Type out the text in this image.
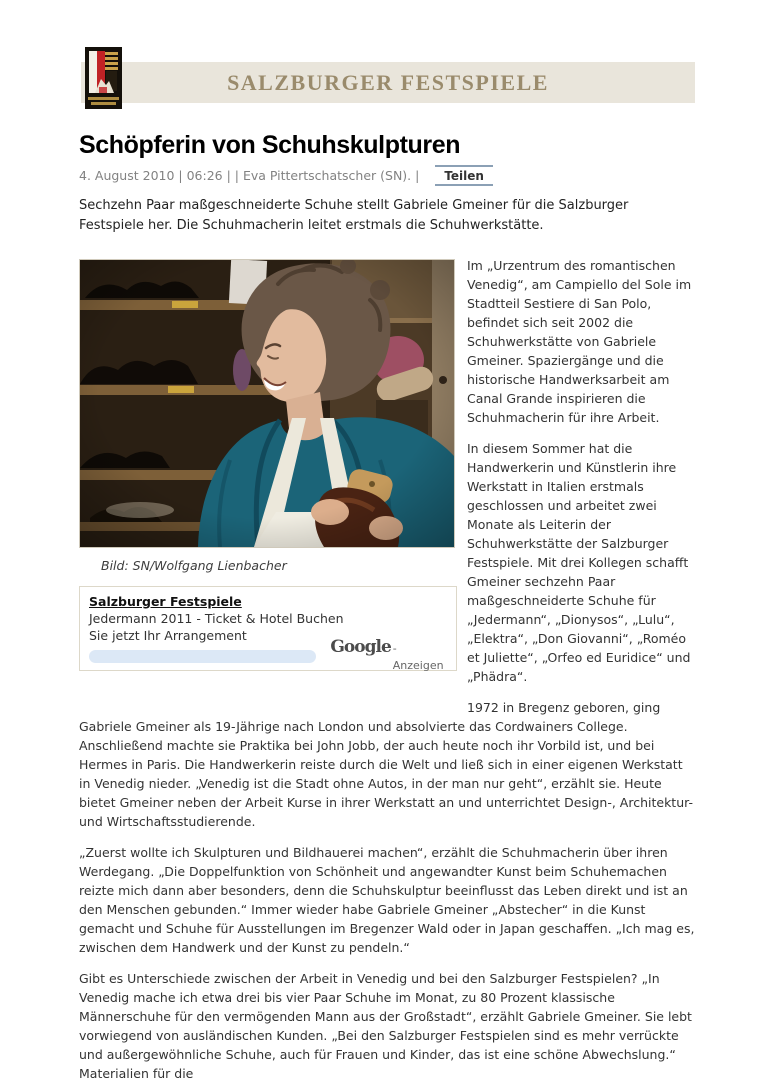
SALZBURGER FESTSPIELE
Schöpferin von Schuhskulpturen
4. August 2010 | 06:26 | | Eva Pittertschatscher (SN). |	Teilen

Sechzehn Paar maßgeschneiderte Schuhe stellt Gabriele Gmeiner für die Salzburger Festspiele her. Die Schuhmacherin leitet erstmals die Schuhwerkstätte.

Bild: SN/Wolfgang Lienbacher
Salzburger Festspiele
Jedermann 2011 - Ticket & Hotel Buchen
Sie jetzt Ihr Arrangement
Google -Anzeigen

Im „Urzentrum des romantischen Venedig“, am Campiello del Sole im Stadtteil Sestiere di San Polo, befindet sich seit 2002 die Schuhwerkstätte von Gabriele Gmeiner. Spaziergänge und die historische Handwerksarbeit am Canal Grande inspirieren die Schuhmacherin für ihre Arbeit.

In diesem Sommer hat die Handwerkerin und Künstlerin ihre Werkstatt in Italien erstmals geschlossen und arbeitet zwei Monate als Leiterin der Schuhwerkstätte der Salzburger Festspiele. Mit drei Kollegen schafft Gmeiner sechzehn Paar maßgeschneiderte Schuhe für „Jedermann“, „Dionysos“, „Lulu“, „Elektra“, „Don Giovanni“, „Roméo et Juliette“, „Orfeo ed Euridice“ und „Phädra“.

1972 in Bregenz geboren, ging Gabriele Gmeiner als 19-Jährige nach London und absolvierte das Cordwainers College. Anschließend machte sie Praktika bei John Jobb, der auch heute noch ihr Vorbild ist, und bei Hermes in Paris. Die Handwerkerin reiste durch die Welt und ließ sich in einer eigenen Werkstatt in Venedig nieder. „Venedig ist die Stadt ohne Autos, in der man nur geht“, erzählt sie. Heute bietet Gmeiner neben der Arbeit Kurse in ihrer Werkstatt an und unterrichtet Design-, Architektur- und Wirtschaftsstudierende.

„Zuerst wollte ich Skulpturen und Bildhauerei machen“, erzählt die Schuhmacherin über ihren Werdegang. „Die Doppelfunktion von Schönheit und angewandter Kunst beim Schuhemachen reizte mich dann aber besonders, denn die Schuhskulptur beeinflusst das Leben direkt und ist an den Menschen gebunden.“ Immer wieder habe Gabriele Gmeiner „Abstecher“ in die Kunst gemacht und Schuhe für Ausstellungen im Bregenzer Wald oder in Japan geschaffen. „Ich mag es, zwischen dem Handwerk und der Kunst zu pendeln.“

Gibt es Unterschiede zwischen der Arbeit in Venedig und bei den Salzburger Festspielen? „In Venedig mache ich etwa drei bis vier Paar Schuhe im Monat, zu 80 Prozent klassische Männerschuhe für den vermögenden Mann aus der Großstadt“, erzählt Gabriele Gmeiner. Sie lebt vorwiegend von ausländischen Kunden. „Bei den Salzburger Festspielen sind es mehr verrückte und außergewöhnliche Schuhe, auch für Frauen und Kinder, das ist eine schöne Abwechslung.“ Materialien für die
